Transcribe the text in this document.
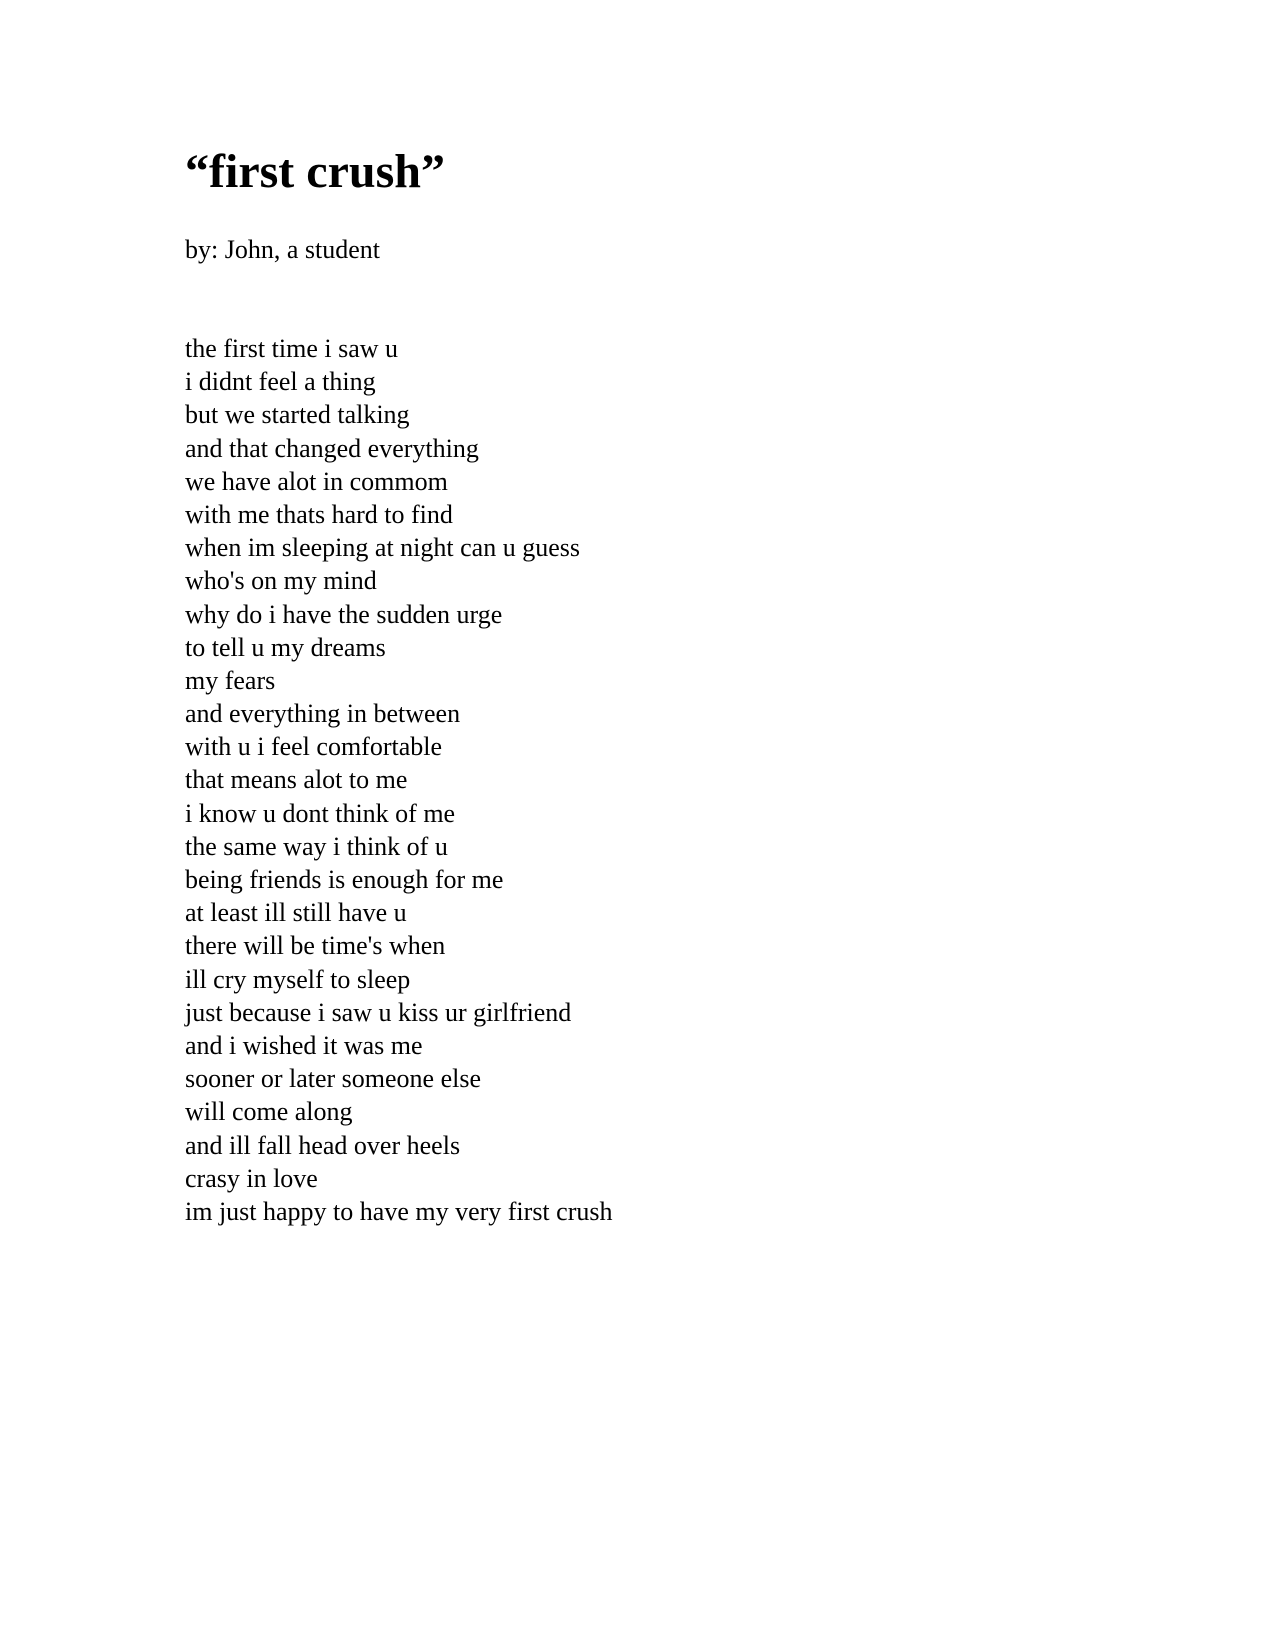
“first crush”

by: John, a student

the first time i saw u
i didnt feel a thing
but we started talking
and that changed everything
we have alot in commom
with me thats hard to find
when im sleeping at night can u guess
who's on my mind
why do i have the sudden urge
to tell u my dreams
my fears
and everything in between
with u i feel comfortable
that means alot to me
i know u dont think of me
the same way i think of u
being friends is enough for me
at least ill still have u
there will be time's when
ill cry myself to sleep
just because i saw u kiss ur girlfriend
and i wished it was me
sooner or later someone else
will come along
and ill fall head over heels
crasy in love
im just happy to have my very first crush
